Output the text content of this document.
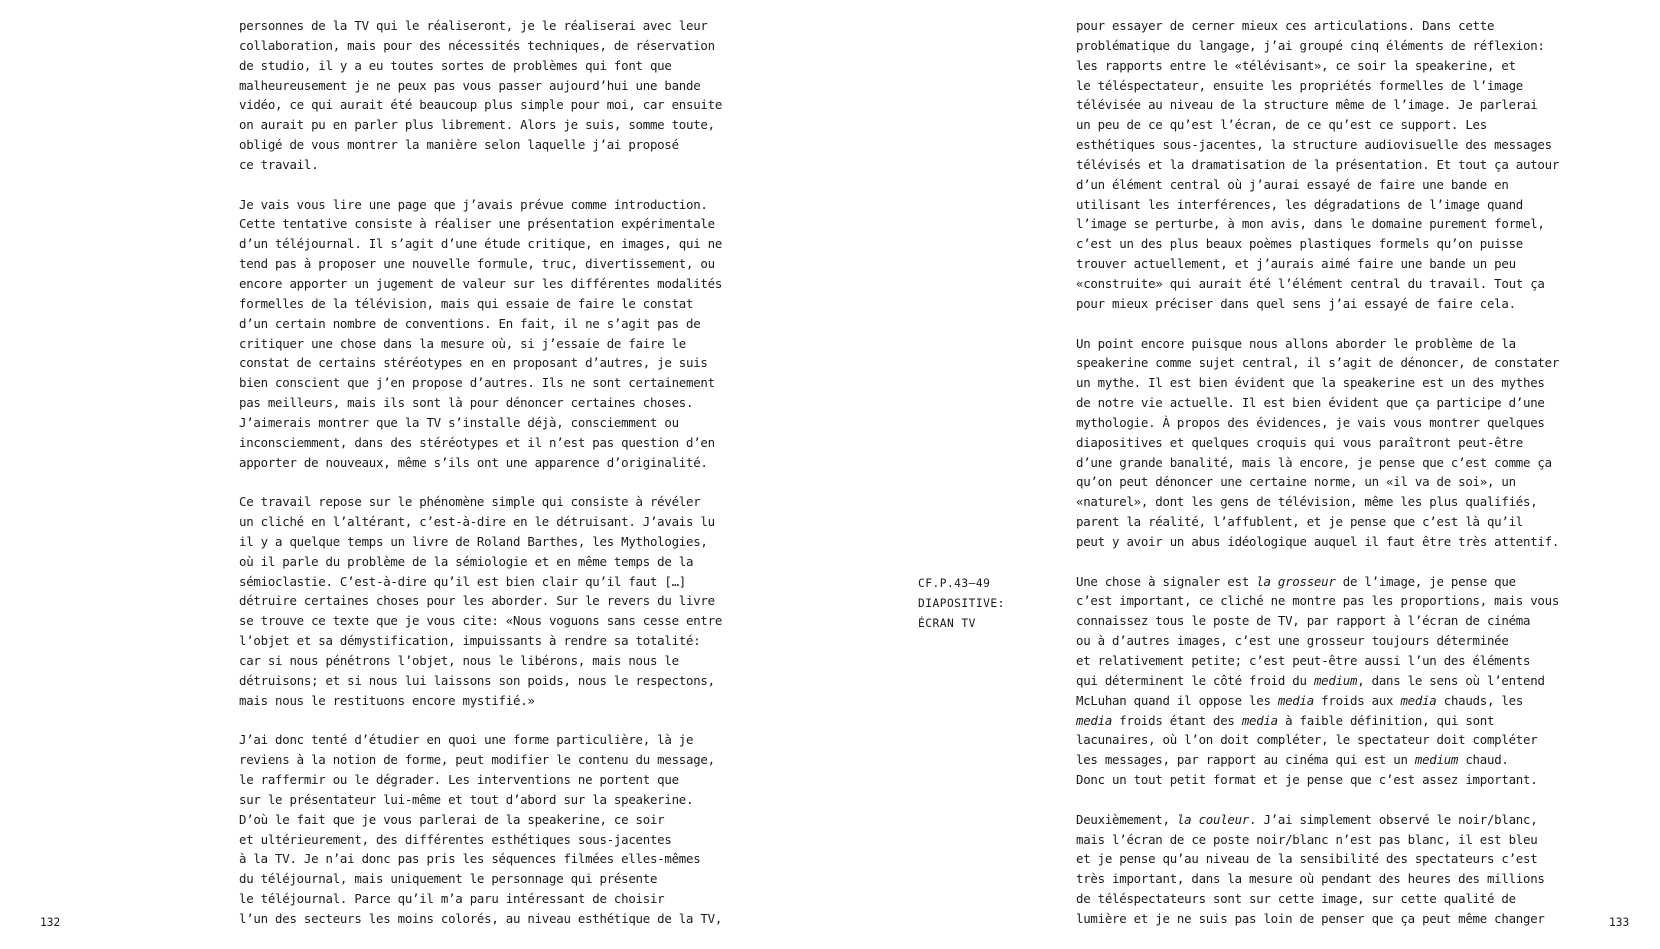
personnes de la TV qui le réaliseront, je le réaliserai avec leur
collaboration, mais pour des nécessités techniques, de réservation
de studio, il y a eu toutes sortes de problèmes qui font que
malheureusement je ne peux pas vous passer aujourd’hui une bande
vidéo, ce qui aurait été beaucoup plus simple pour moi, car ensuite
on aurait pu en parler plus librement. Alors je suis, somme toute,
obligé de vous montrer la manière selon laquelle j’ai proposé
ce travail.

Je vais vous lire une page que j’avais prévue comme introduction.
Cette tentative consiste à réaliser une présentation expérimentale
d’un téléjournal. Il s’agit d’une étude critique, en images, qui ne
tend pas à proposer une nouvelle formule, truc, divertissement, ou
encore apporter un jugement de valeur sur les différentes modalités
formelles de la télévision, mais qui essaie de faire le constat
d’un certain nombre de conventions. En fait, il ne s’agit pas de
critiquer une chose dans la mesure où, si j’essaie de faire le
constat de certains stéréotypes en en proposant d’autres, je suis
bien conscient que j’en propose d’autres. Ils ne sont certainement
pas meilleurs, mais ils sont là pour dénoncer certaines choses.
J’aimerais montrer que la TV s’installe déjà, consciemment ou
inconsciemment, dans des stéréotypes et il n’est pas question d’en
apporter de nouveaux, même s’ils ont une apparence d’originalité.

Ce travail repose sur le phénomène simple qui consiste à révéler
un cliché en l’altérant, c’est-à-dire en le détruisant. J’avais lu
il y a quelque temps un livre de Roland Barthes, les Mythologies,
où il parle du problème de la sémiologie et en même temps de la
sémioclastie. C’est-à-dire qu’il est bien clair qu’il faut […]
détruire certaines choses pour les aborder. Sur le revers du livre
se trouve ce texte que je vous cite: «Nous voguons sans cesse entre
l’objet et sa démystification, impuissants à rendre sa totalité:
car si nous pénétrons l’objet, nous le libérons, mais nous le
détruisons; et si nous lui laissons son poids, nous le respectons,
mais nous le restituons encore mystifié.»

J’ai donc tenté d’étudier en quoi une forme particulière, là je
reviens à la notion de forme, peut modifier le contenu du message,
le raffermir ou le dégrader. Les interventions ne portent que
sur le présentateur lui-même et tout d’abord sur la speakerine.
D’où le fait que je vous parlerai de la speakerine, ce soir
et ultérieurement, des différentes esthétiques sous-jacentes
à la TV. Je n’ai donc pas pris les séquences filmées elles-mêmes
du téléjournal, mais uniquement le personnage qui présente
le téléjournal. Parce qu’il m’a paru intéressant de choisir
l’un des secteurs les moins colorés, au niveau esthétique de la TV,

CF.P.43–49
DIAPOSITIVE:
ÉCRAN TV

pour essayer de cerner mieux ces articulations. Dans cette
problématique du langage, j’ai groupé cinq éléments de réflexion:
les rapports entre le «télévisant», ce soir la speakerine, et
le téléspectateur, ensuite les propriétés formelles de l’image
télévisée au niveau de la structure même de l’image. Je parlerai
un peu de ce qu’est l’écran, de ce qu’est ce support. Les
esthétiques sous-jacentes, la structure audiovisuelle des messages
télévisés et la dramatisation de la présentation. Et tout ça autour
d’un élément central où j’aurai essayé de faire une bande en
utilisant les interférences, les dégradations de l’image quand
l’image se perturbe, à mon avis, dans le domaine purement formel,
c’est un des plus beaux poèmes plastiques formels qu’on puisse
trouver actuellement, et j’aurais aimé faire une bande un peu
«construite» qui aurait été l’élément central du travail. Tout ça
pour mieux préciser dans quel sens j’ai essayé de faire cela.

Un point encore puisque nous allons aborder le problème de la
speakerine comme sujet central, il s’agit de dénoncer, de constater
un mythe. Il est bien évident que la speakerine est un des mythes
de notre vie actuelle. Il est bien évident que ça participe d’une
mythologie. À propos des évidences, je vais vous montrer quelques
diapositives et quelques croquis qui vous paraîtront peut-être
d’une grande banalité, mais là encore, je pense que c’est comme ça
qu’on peut dénoncer une certaine norme, un «il va de soi», un
«naturel», dont les gens de télévision, même les plus qualifiés,
parent la réalité, l’affublent, et je pense que c’est là qu’il
peut y avoir un abus idéologique auquel il faut être très attentif.

Une chose à signaler est la grosseur de l’image, je pense que
c’est important, ce cliché ne montre pas les proportions, mais vous
connaissez tous le poste de TV, par rapport à l’écran de cinéma
ou à d’autres images, c’est une grosseur toujours déterminée
et relativement petite; c’est peut-être aussi l’un des éléments
qui déterminent le côté froid du medium, dans le sens où l’entend
McLuhan quand il oppose les media froids aux media chauds, les
media froids étant des media à faible définition, qui sont
lacunaires, où l’on doit compléter, le spectateur doit compléter
les messages, par rapport au cinéma qui est un medium chaud.
Donc un tout petit format et je pense que c’est assez important.

Deuxièmement, la couleur. J’ai simplement observé le noir/blanc,
mais l’écran de ce poste noir/blanc n’est pas blanc, il est bleu
et je pense qu’au niveau de la sensibilité des spectateurs c’est
très important, dans la mesure où pendant des heures des millions
de téléspectateurs sont sur cette image, sur cette qualité de
lumière et je ne suis pas loin de penser que ça peut même changer

132	133
